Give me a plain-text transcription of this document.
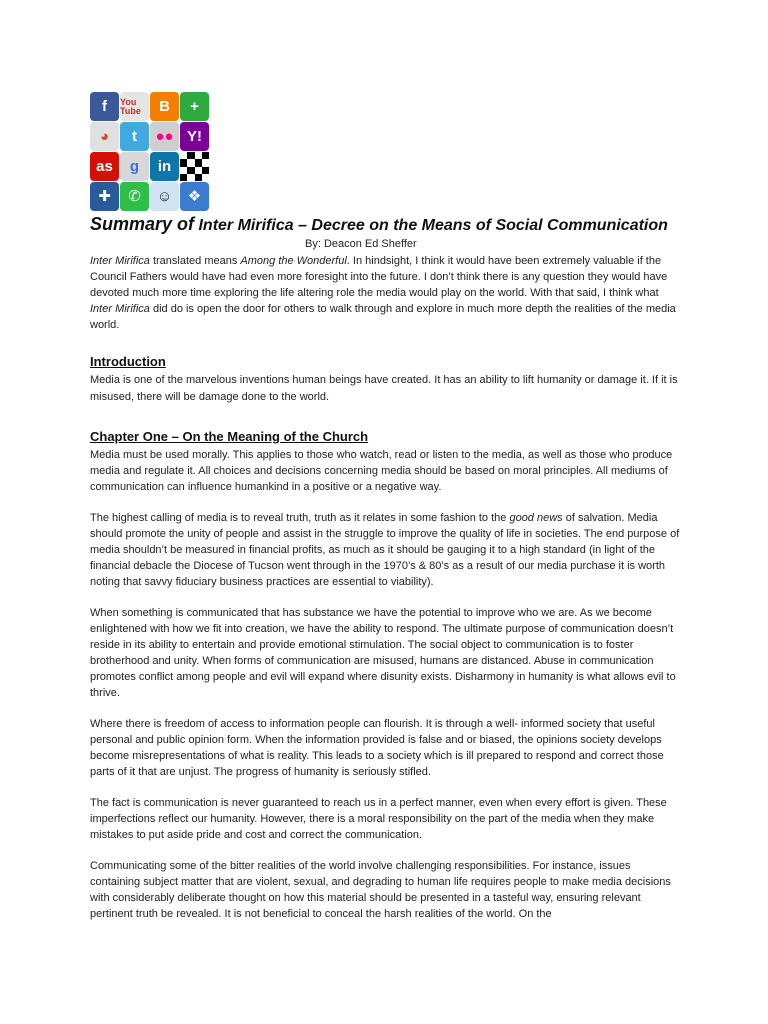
f	You Tube	B	+
◕	t	●● Y!
as	g	in
✚	✆	☺	❖
Summary of Inter Mirifica – Decree on the Means of Social Communication
By: Deacon Ed Sheffer

Inter Mirifica translated means Among the Wonderful. In hindsight, I think it would have been extremely valuable if the Council Fathers would have had even more foresight into the future. I don’t think there is any question they would have devoted much more time exploring the life altering role the media would play on the world. With that said, I think what Inter Mirifica did do is open the door for others to walk through and explore in much more depth the realities of the media world.

Introduction

Media is one of the marvelous inventions human beings have created. It has an ability to lift humanity or damage it. If it is misused, there will be damage done to the world.

Chapter One – On the Meaning of the Church

Media must be used morally. This applies to those who watch, read or listen to the media, as well as those who produce media and regulate it. All choices and decisions concerning media should be based on moral principles. All mediums of communication can influence humankind in a positive or a negative way.

The highest calling of media is to reveal truth, truth as it relates in some fashion to the good news of salvation. Media should promote the unity of people and assist in the struggle to improve the quality of life in societies. The end purpose of media shouldn’t be measured in financial profits, as much as it should be gauging it to a high standard (in light of the financial debacle the Diocese of Tucson went through in the 1970’s & 80’s as a result of our media purchase it is worth noting that savvy fiduciary business practices are essential to viability).

When something is communicated that has substance we have the potential to improve who we are. As we become enlightened with how we fit into creation, we have the ability to respond. The ultimate purpose of communication doesn’t reside in its ability to entertain and provide emotional stimulation. The social object to communication is to foster brotherhood and unity. When forms of communication are misused, humans are distanced. Abuse in communication promotes conflict among people and evil will expand where disunity exists. Disharmony in humanity is what allows evil to thrive.

Where there is freedom of access to information people can flourish. It is through a well- informed society that useful personal and public opinion form. When the information provided is false and or biased, the opinions society develops become misrepresentations of what is reality. This leads to a society which is ill prepared to respond and correct those parts of it that are unjust. The progress of humanity is seriously stifled.

The fact is communication is never guaranteed to reach us in a perfect manner, even when every effort is given. These imperfections reflect our humanity. However, there is a moral responsibility on the part of the media when they make mistakes to put aside pride and cost and correct the communication.

Communicating some of the bitter realities of the world involve challenging responsibilities. For instance, issues containing subject matter that are violent, sexual, and degrading to human life requires people to make media decisions with considerably deliberate thought on how this material should be presented in a tasteful way, ensuring relevant pertinent truth be revealed. It is not beneficial to conceal the harsh realities of the world. On the
